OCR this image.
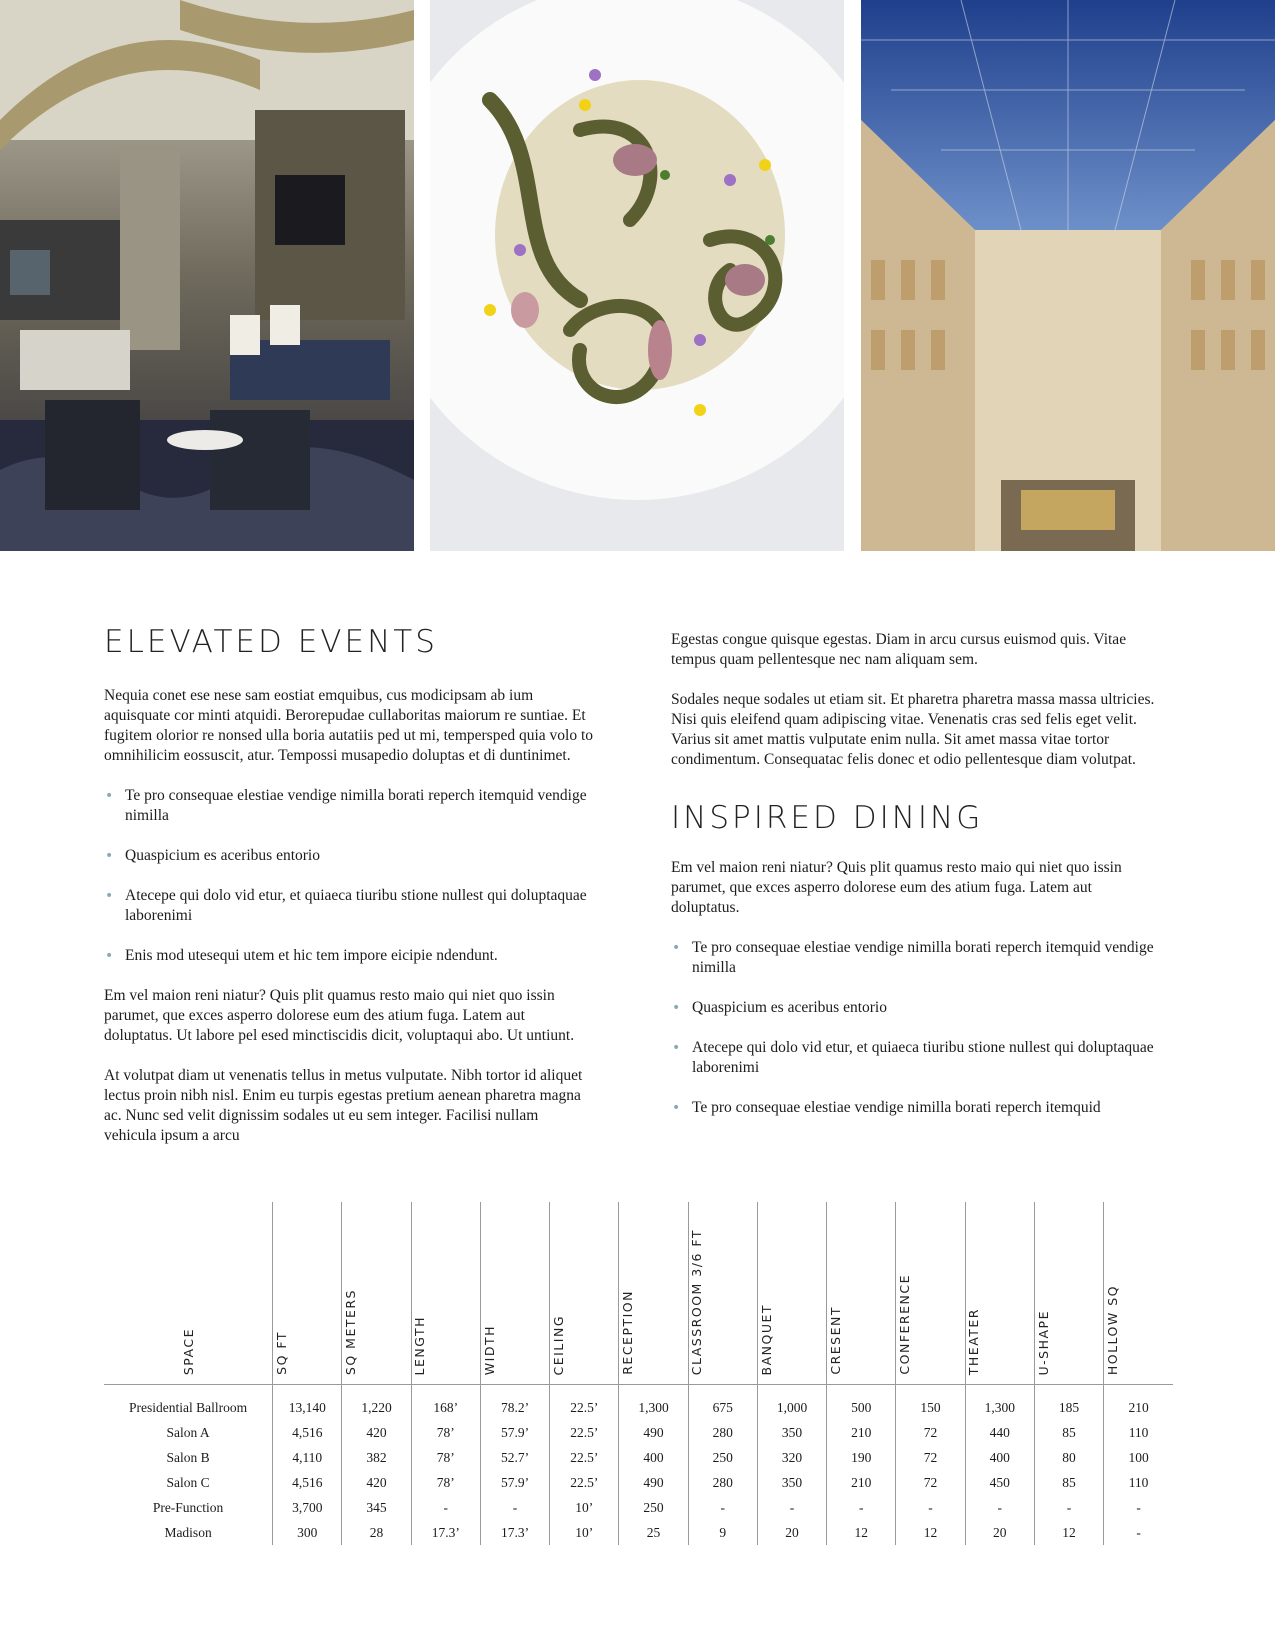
ELEVATED EVENTS

Nequia conet ese nese sam eostiat emquibus, cus modicipsam ab ium aquisquate cor minti atquidi. Berorepudae cullaboritas maiorum re suntiae. Et fugitem olorior re nonsed ulla boria autatiis ped ut mi, tempersped quia volo to omnihilicim eossuscit, atur. Tempossi musapedio doluptas et di duntinimet.

• Te pro consequae elestiae vendige nimilla borati reperch itemquid vendige nimilla
• Quaspicium es aceribus entorio
• Atecepe qui dolo vid etur, et quiaeca tiuribu stione nullest qui doluptaquae laborenimi
• Enis mod utesequi utem et hic tem impore eicipie ndendunt.

Em vel maion reni niatur? Quis plit quamus resto maio qui niet quo issin parumet, que exces asperro dolorese eum des atium fuga. Latem aut doluptatus. Ut labore pel esed minctiscidis dicit, voluptaqui abo. Ut untiunt.

At volutpat diam ut venenatis tellus in metus vulputate. Nibh tortor id aliquet lectus proin nibh nisl. Enim eu turpis egestas pretium aenean pharetra magna ac. Nunc sed velit dignissim sodales ut eu sem integer. Facilisi nullam vehicula ipsum a arcu

Egestas congue quisque egestas. Diam in arcu cursus euismod quis. Vitae tempus quam pellentesque nec nam aliquam sem.

Sodales neque sodales ut etiam sit. Et pharetra pharetra massa massa ultricies. Nisi quis eleifend quam adipiscing vitae. Venenatis cras sed felis eget velit. Varius sit amet mattis vulputate enim nulla. Sit amet massa vitae tortor condimentum. Consequatac felis donec et odio pellentesque diam volutpat.

INSPIRED DINING

Em vel maion reni niatur? Quis plit quamus resto maio qui niet quo issin parumet, que exces asperro dolorese eum des atium fuga. Latem aut doluptatus.

• Te pro consequae elestiae vendige nimilla borati reperch itemquid vendige nimilla
• Quaspicium es aceribus entorio
• Atecepe qui dolo vid etur, et quiaeca tiuribu stione nullest qui doluptaquae laborenimi
• Te pro consequae elestiae vendige nimilla borati reperch itemquid
SPACE	SQ FT	SQ METERS	LENGTH	WIDTH	CEILING	RECEPTION	CLASSROOM 3/6 FT	BANQUET	CRESENT	CONFERENCE	THEATER	U-SHAPE	HOLLOW SQ
Presidential Ballroom	13,140	1,220	168’	78.2’	22.5’	1,300	675	1,000	500	150	1,300	185	210
Salon A	4,516	420	78’	57.9’	22.5’	490	280	350	210	72	440	85	110
Salon B	4,110	382	78’	52.7’	22.5’	400	250	320	190	72	400	80	100
Salon C	4,516	420	78’	57.9’	22.5’	490	280	350	210	72	450	85	110
Pre-Function	3,700	345	-	-	10’	250	-	-	-	-	-	-	-
Madison	300	28	17.3’	17.3’	10’	25	9	20	12	12	20	12	-
